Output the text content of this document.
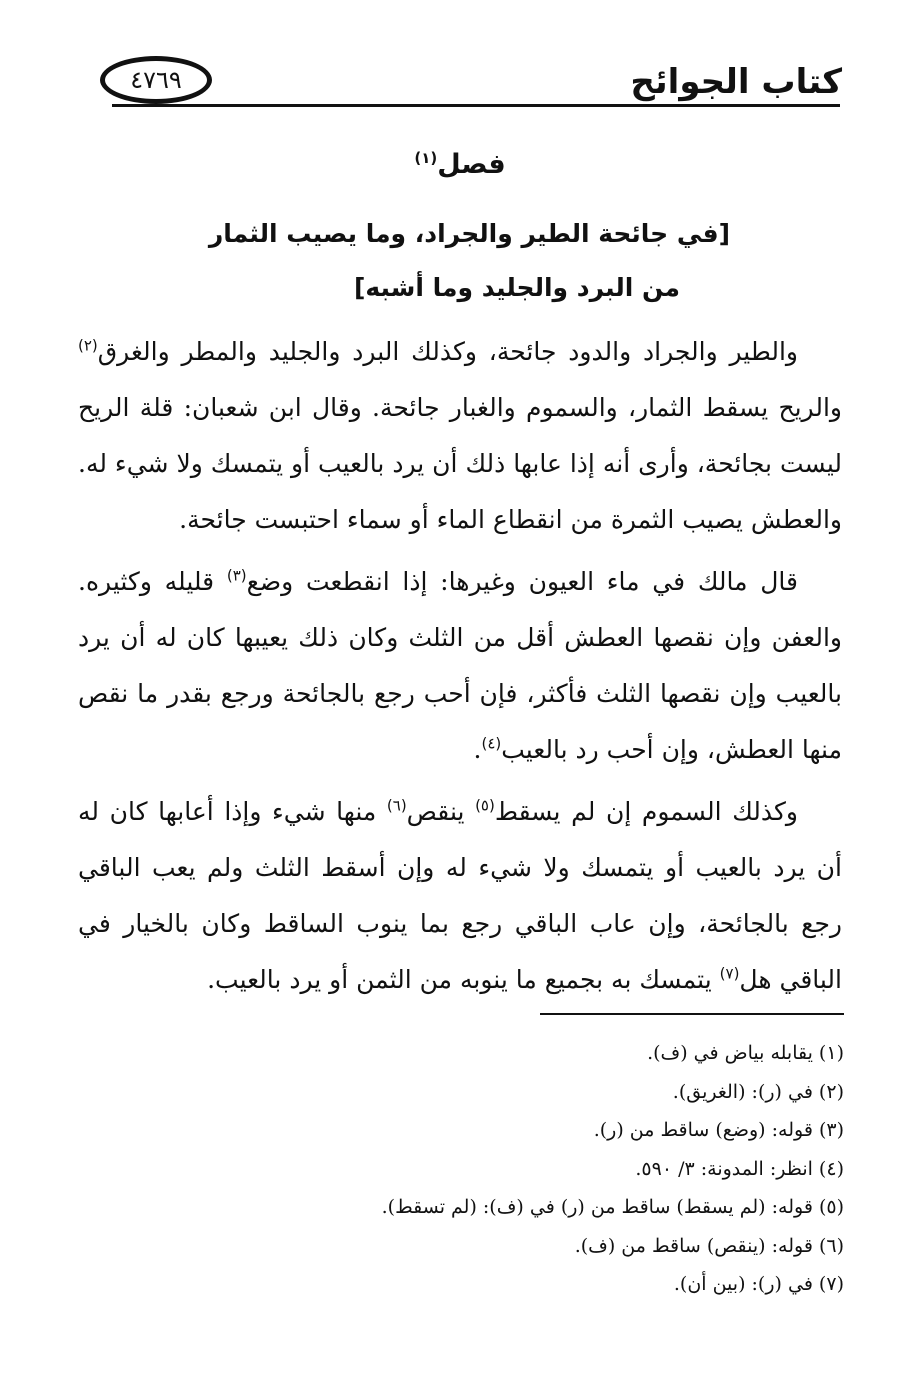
كتاب الجوائح
٤٧٦٩
فصل$^{(١)}$
[في جائحة الطير والجراد، وما يصيب الثمار
من البرد والجليد وما أشبه]

والطير والجراد والدود جائحة، وكذلك البرد والجليد والمطر والغرق$^{(٢)}$ والريح يسقط الثمار، والسموم والغبار جائحة. وقال ابن شعبان: قلة الريح ليست بجائحة، وأرى أنه إذا عابها ذلك أن يرد بالعيب أو يتمسك ولا شيء له. والعطش يصيب الثمرة من انقطاع الماء أو سماء احتبست جائحة.

قال مالك في ماء العيون وغيرها: إذا انقطعت وضع$^{(٣)}$ قليله وكثيره. والعفن وإن نقصها العطش أقل من الثلث وكان ذلك يعيبها كان له أن يرد بالعيب وإن نقصها الثلث فأكثر، فإن أحب رجع بالجائحة ورجع بقدر ما نقص منها العطش، وإن أحب رد بالعيب$^{(٤)}$.

وكذلك السموم إن لم يسقط$^{(٥)}$ ينقص$^{(٦)}$ منها شيء وإذا أعابها كان له أن يرد بالعيب أو يتمسك ولا شيء له وإن أسقط الثلث ولم يعب الباقي رجع بالجائحة، وإن عاب الباقي رجع بما ينوب الساقط وكان بالخيار في الباقي هل$^{(٧)}$ يتمسك به بجميع ما ينوبه من الثمن أو يرد بالعيب.

(١) يقابله بياض في (ف).
(٢) في (ر): (الغريق).
(٣) قوله: (وضع) ساقط من (ر).
(٤) انظر: المدونة: ٣/ ٥٩٠.
(٥) قوله: (لم يسقط) ساقط من (ر) في (ف): (لم تسقط).
(٦) قوله: (ينقص) ساقط من (ف).
(٧) في (ر): (بين أن).
